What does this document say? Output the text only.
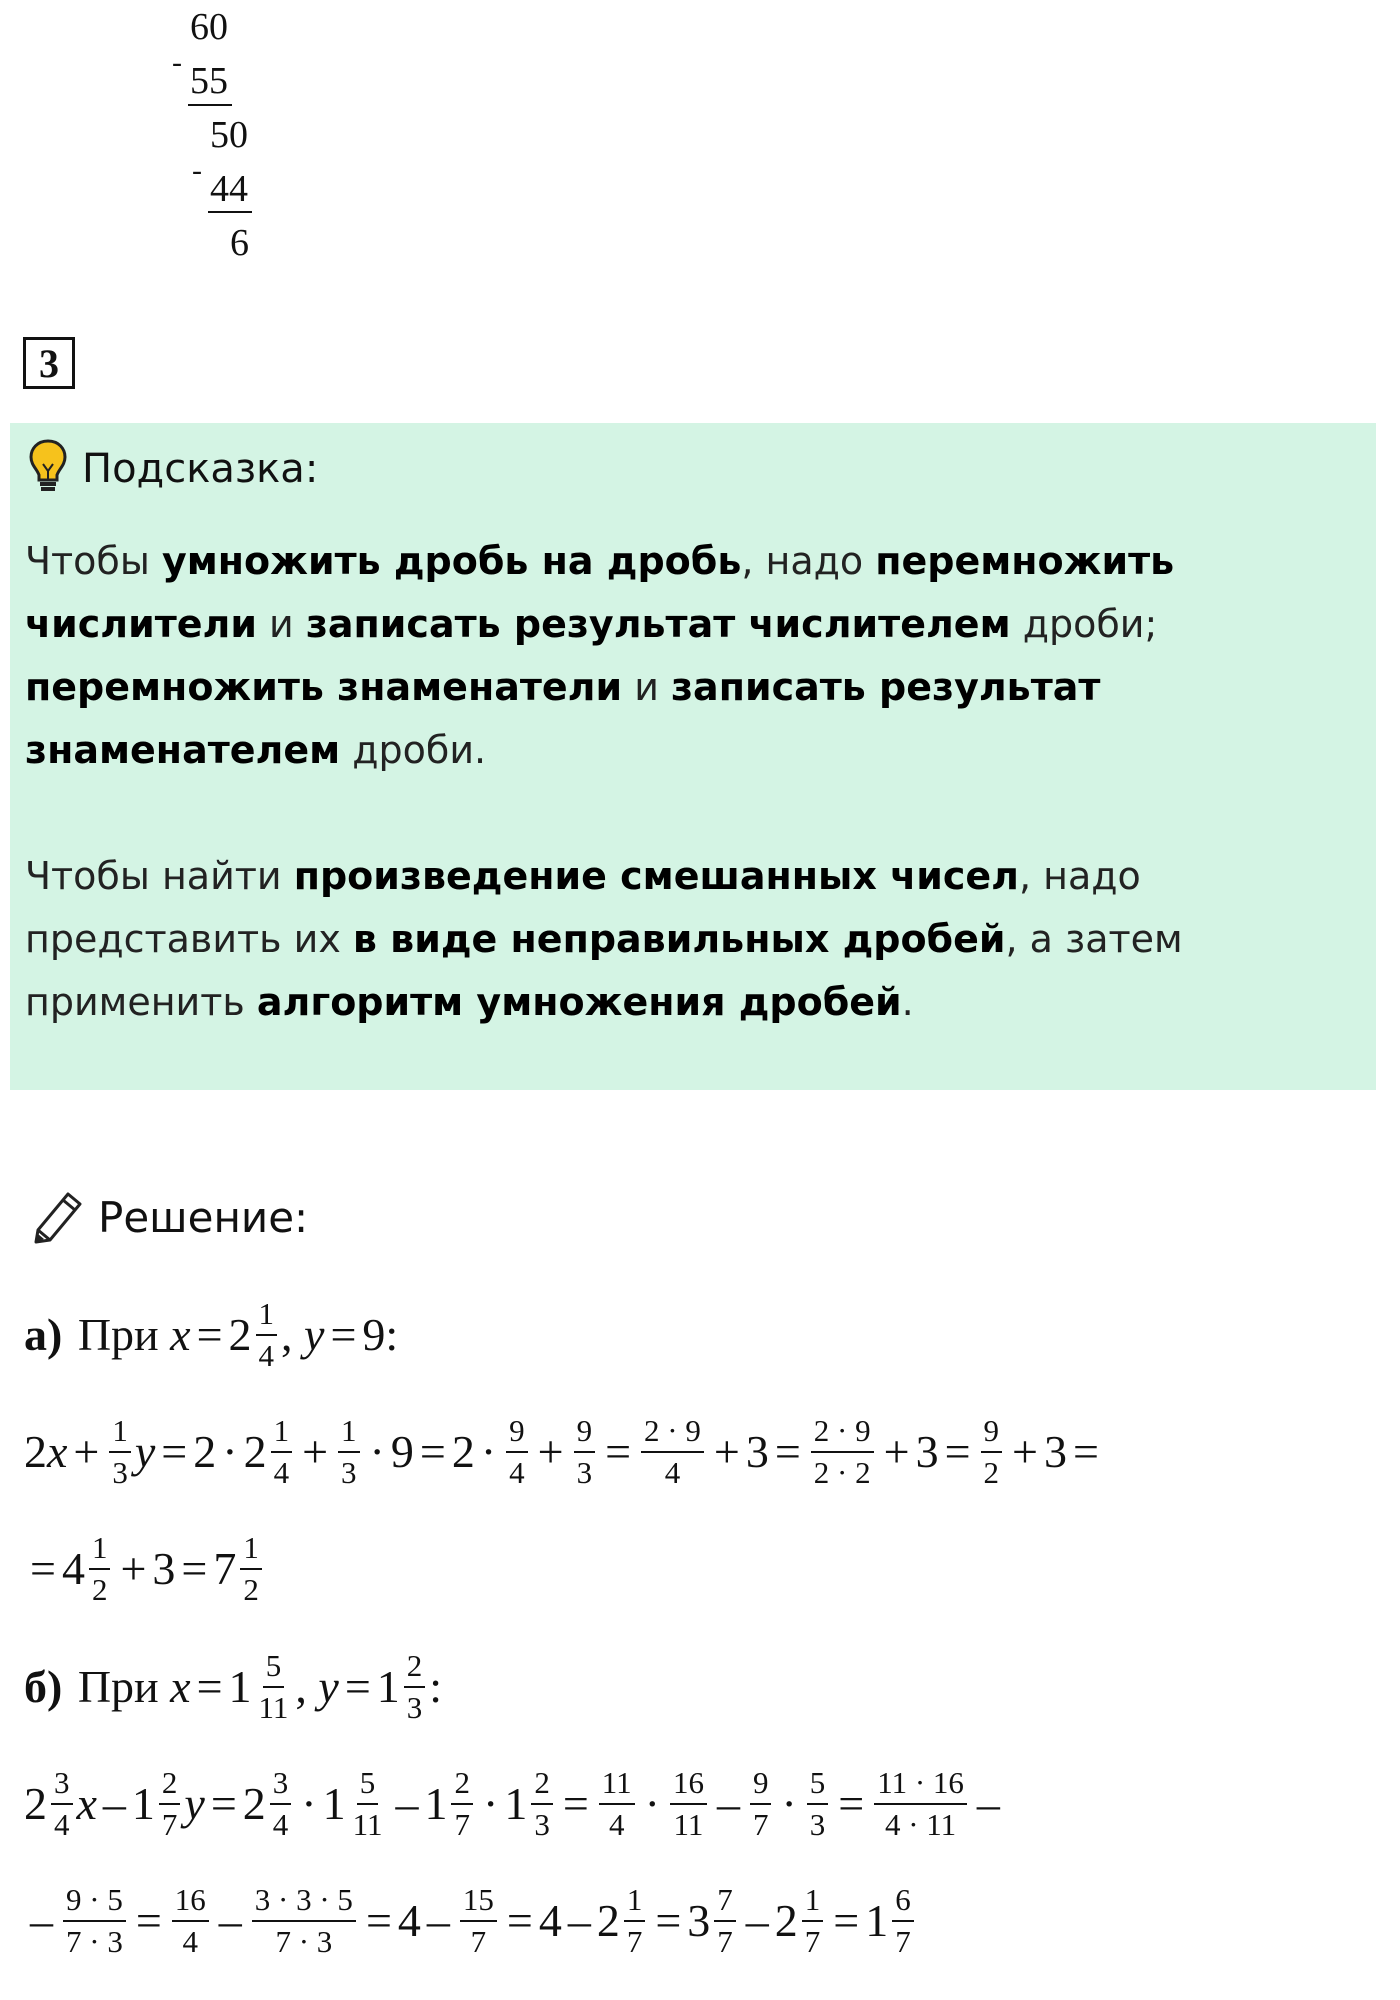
60
- 55
50
- 44
6
3
Подсказка:
Чтобы умножить дробь на дробь, надо перемножить числители и записать результат числителем дроби; перемножить знаменатели и записать результат знаменателем дроби.
Чтобы найти произведение смешанных чисел, надо представить их в виде неправильных дробей, а затем применить алгоритм умножения дробей.
Решение:
а) При $x = 2 \frac{1}{4}$ , y = 9:
2 $x + \frac{1}{3}$ $y = 2 \cdot 2 \frac{1}{4} + \frac{1}{3} \cdot 9 = 2 \cdot \frac{9}{4} + \frac{9}{3} = \frac{2 \cdot 9}{4} + 3 = \frac{2 \cdot 9}{2 \cdot 2} + 3 = \frac{9}{2} + 3$ =
= $4 \frac{1}{2} + 3 = 7 \frac{1}{2}$
б) При $x = 1 \frac{5}{11}$ , $y = 1 \frac{2}{3}$ :
$2 \frac{3}{4}$ x – $1 \frac{2}{7}$ $y = 2 \frac{3}{4} \cdot 1 \frac{5}{11} - 1 \frac{2}{7} \cdot 1 \frac{2}{3} = \frac{11}{4} \cdot \frac{16}{11} - \frac{9}{7} \cdot \frac{5}{3} = \frac{11 \cdot 16}{4 \cdot 11}$ –
– $\frac{9 \cdot 5}{7 \cdot 3} = \frac{16}{4} - \frac{3 \cdot 3 \cdot 5}{7 \cdot 3} = 4 - \frac{15}{7} = 4 - 2 \frac{1}{7} = 3 \frac{7}{7} - 2 \frac{1}{7} = 1 \frac{6}{7}$
